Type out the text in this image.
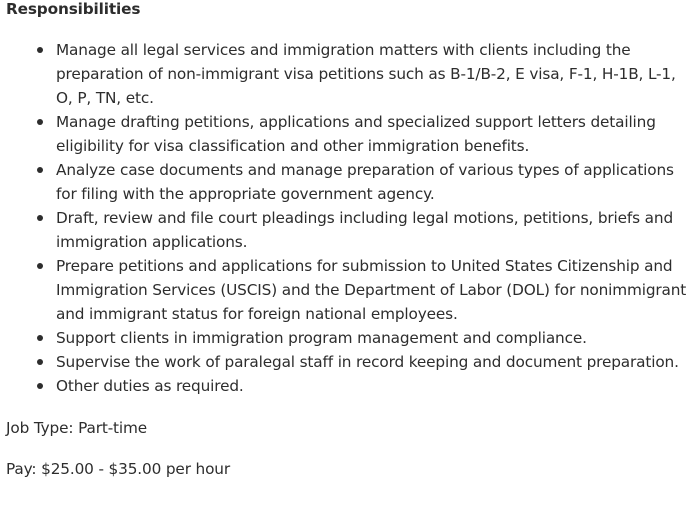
Responsibilities
Manage all legal services and immigration matters with clients including the preparation of non-immigrant visa petitions such as B-1/B-2, E visa, F-1, H-1B, L-1, O, P, TN, etc.
Manage drafting petitions, applications and specialized support letters detailing eligibility for visa classification and other immigration benefits.
Analyze case documents and manage preparation of various types of applications for filing with the appropriate government agency.
Draft, review and file court pleadings including legal motions, petitions, briefs and immigration applications.
Prepare petitions and applications for submission to United States Citizenship and Immigration Services (USCIS) and the Department of Labor (DOL) for nonimmigrant and immigrant status for foreign national employees.
Support clients in immigration program management and compliance.
Supervise the work of paralegal staff in record keeping and document preparation.
Other duties as required.

Job Type: Part-time

Pay: $25.00 - $35.00 per hour
